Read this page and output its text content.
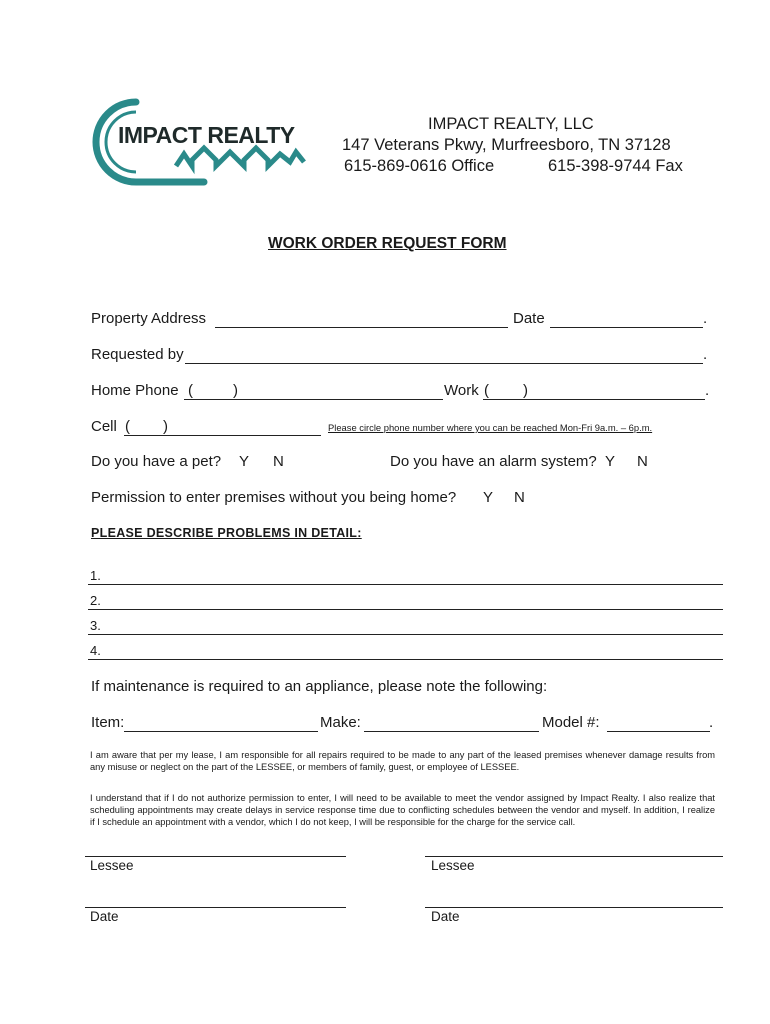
IMPACT REALTY	IMPACT REALTY, LLC
147 Veterans Pkwy, Murfreesboro, TN 37128
615-869-0616 Office	615-398-9744 Fax
WORK ORDER REQUEST FORM
Property Address	Date	.
Requested by	.
Home Phone (	)	Work ( )	.
Cell ( )	Please circle phone number where you can be reached Mon-Fri 9a.m. – 6p.m.
Do you have a pet? Y N	Do you have an alarm system? Y N
Permission to enter premises without you being home? Y N
PLEASE DESCRIBE PROBLEMS IN DETAIL:
1.
2.
3.
4.
If maintenance is required to an appliance, please note the following:
Item:	Make:	Model #:	.
I am aware that per my lease, I am responsible for all repairs required to be made to any part of the leased premises whenever damage results from any misuse or neglect on the part of the LESSEE, or members of family, guest, or employee of LESSEE.
I understand that if I do not authorize permission to enter, I will need to be available to meet the vendor assigned by Impact Realty. I also realize that scheduling appointments may create delays in service response time due to conflicting schedules between the vendor and myself. In addition, I realize if I schedule an appointment with a vendor, which I do not keep, I will be responsible for the charge for the service call.
Lessee	Lessee
Date	Date
